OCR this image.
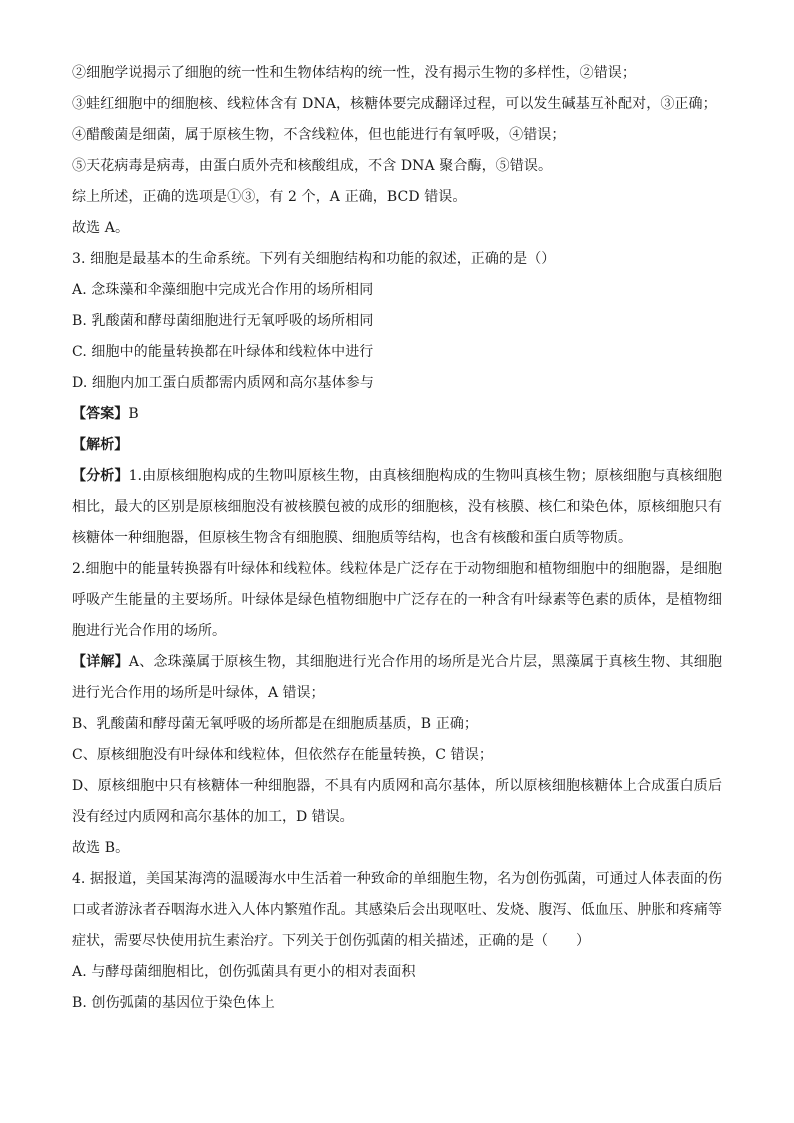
②细胞学说揭示了细胞的统一性和生物体结构的统一性，没有揭示生物的多样性，②错误；
③蛙红细胞中的细胞核、线粒体含有 DNA，核糖体要完成翻译过程，可以发生碱基互补配对，③正确；
④醋酸菌是细菌，属于原核生物，不含线粒体，但也能进行有氧呼吸，④错误；
⑤天花病毒是病毒，由蛋白质外壳和核酸组成，不含 DNA 聚合酶，⑤错误。
综上所述，正确的选项是①③，有 2 个，A 正确，BCD 错误。
故选 A。
3. 细胞是最基本的生命系统。下列有关细胞结构和功能的叙述，正确的是（）
A. 念珠藻和伞藻细胞中完成光合作用的场所相同
B. 乳酸菌和酵母菌细胞进行无氧呼吸的场所相同
C. 细胞中的能量转换都在叶绿体和线粒体中进行
D. 细胞内加工蛋白质都需内质网和高尔基体参与
【答案】B
【解析】
【分析】1.由原核细胞构成的生物叫原核生物，由真核细胞构成的生物叫真核生物；原核细胞与真核细胞相比，最大的区别是原核细胞没有被核膜包被的成形的细胞核，没有核膜、核仁和染色体，原核细胞只有核糖体一种细胞器，但原核生物含有细胞膜、细胞质等结构，也含有核酸和蛋白质等物质。
2.细胞中的能量转换器有叶绿体和线粒体。线粒体是广泛存在于动物细胞和植物细胞中的细胞器，是细胞呼吸产生能量的主要场所。叶绿体是绿色植物细胞中广泛存在的一种含有叶绿素等色素的质体，是植物细胞进行光合作用的场所。
【详解】A、念珠藻属于原核生物，其细胞进行光合作用的场所是光合片层，黑藻属于真核生物、其细胞进行光合作用的场所是叶绿体，A 错误；
B、乳酸菌和酵母菌无氧呼吸的场所都是在细胞质基质，B 正确；
C、原核细胞没有叶绿体和线粒体，但依然存在能量转换，C 错误；
D、原核细胞中只有核糖体一种细胞器，不具有内质网和高尔基体，所以原核细胞核糖体上合成蛋白质后没有经过内质网和高尔基体的加工，D 错误。
故选 B。
4. 据报道，美国某海湾的温暖海水中生活着一种致命的单细胞生物，名为创伤弧菌，可通过人体表面的伤口或者游泳者吞咽海水进入人体内繁殖作乱。其感染后会出现呕吐、发烧、腹泻、低血压、肿胀和疼痛等症状，需要尽快使用抗生素治疗。下列关于创伤弧菌的相关描述，正确的是（　　）
A. 与酵母菌细胞相比，创伤弧菌具有更小的相对表面积
B. 创伤弧菌的基因位于染色体上
